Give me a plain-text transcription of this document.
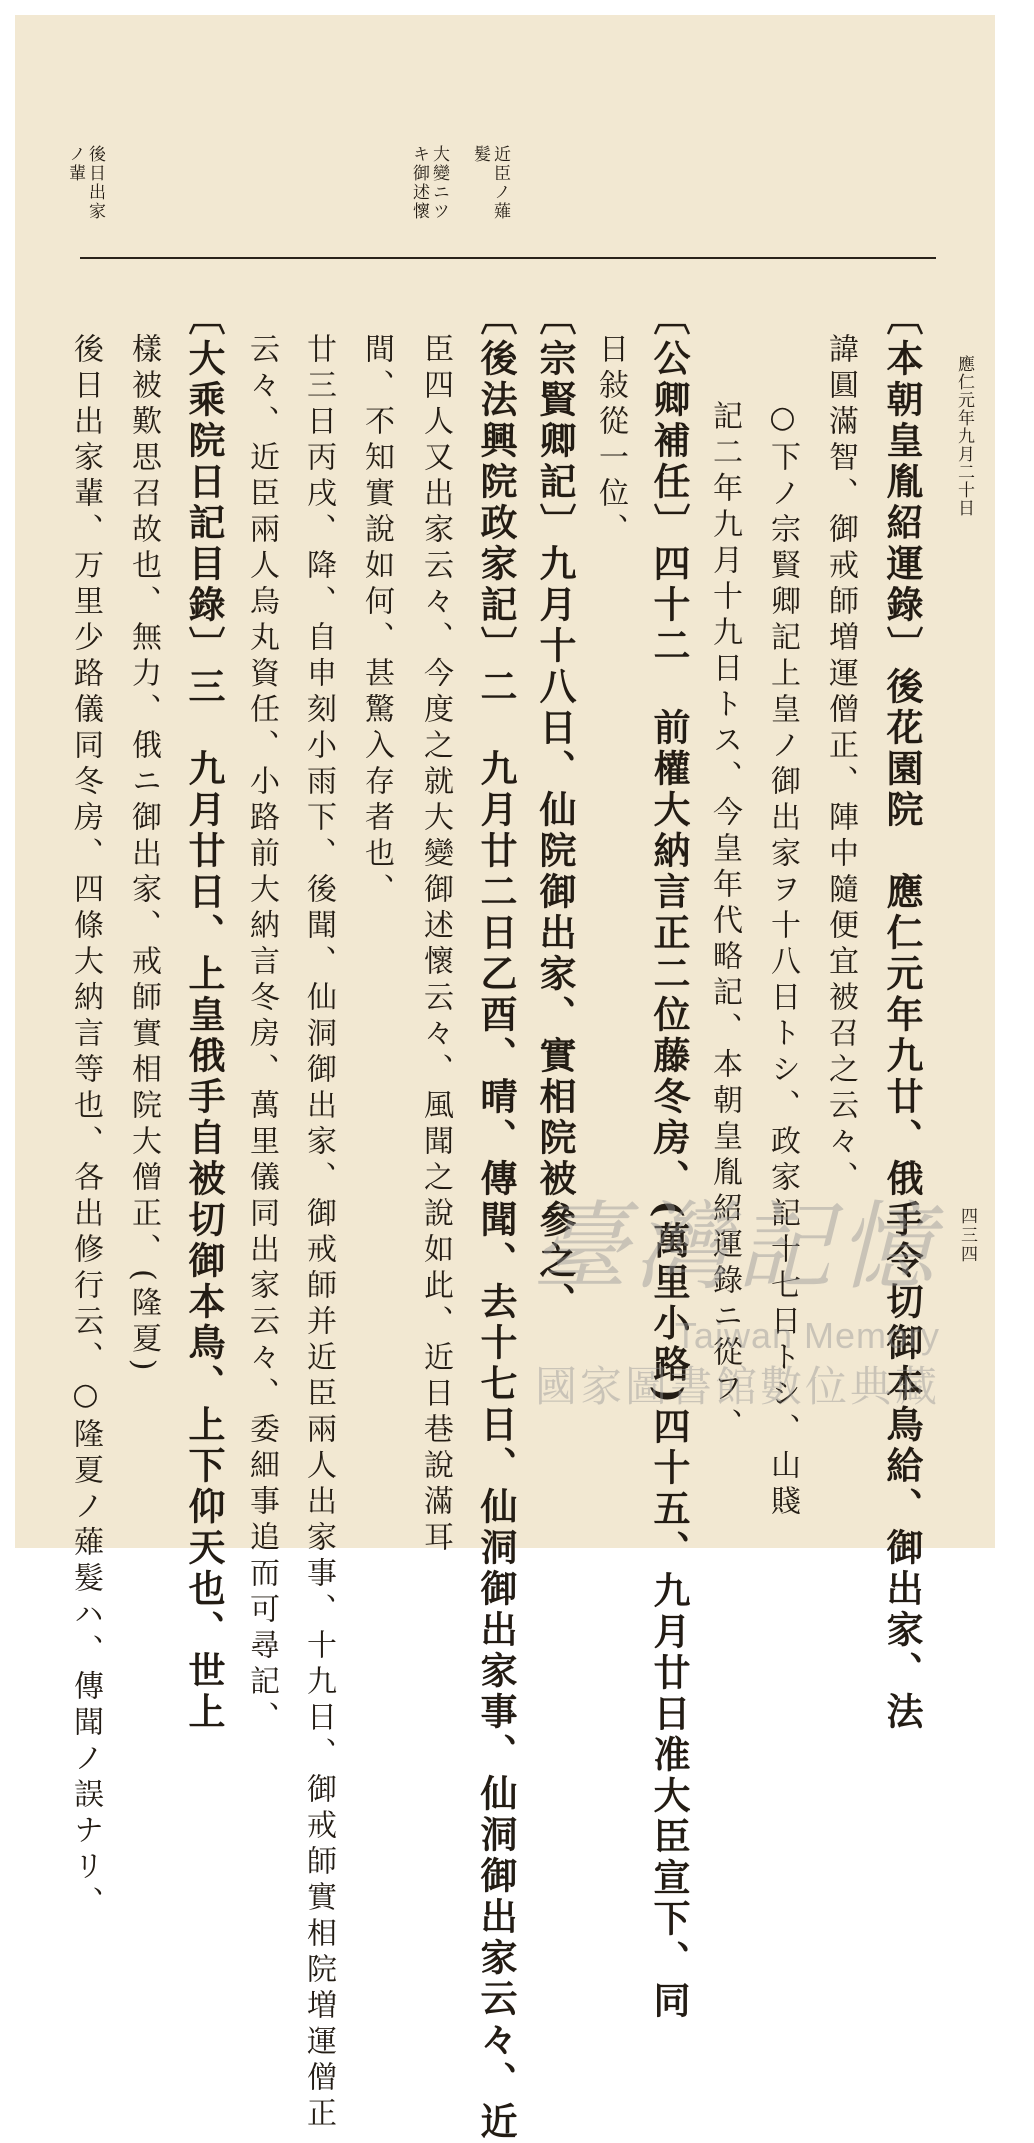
應仁元年九月二十日
四三四
近臣ノ薙
髮
大變ニツ
キ御述懷
後日出家
ノ輩
〔本朝皇胤紹運錄〕後花園院　應仁元年九廿、俄手令切御本鳥給、御出家、法
諱圓滿智、御戒師増運僧正、陣中隨便宜被召之云々、
○下ノ宗賢卿記上皇ノ御出家ヲ十八日トシ、政家記十七日トシ、山賤
記二年九月十九日トス、今皇年代略記、本朝皇胤紹運錄ニ從フ、
〔公卿補任〕四十二　前權大納言正二位藤冬房、(萬里小路)四十五、九月廿日准大臣宣下、同
日敍從一位、
〔宗賢卿記〕九月十八日、仙院御出家、實相院被參之、
〔後法興院政家記〕二　九月廿二日乙酉、晴、傳聞、去十七日、仙洞御出家事、仙洞御出家云々、近
臣四人又出家云々、今度之就大變御述懷云々、風聞之說如此、近日巷說滿耳
間、不知實說如何、甚驚入存者也、
廿三日丙戌、降、自申刻小雨下、後聞、仙洞御出家、御戒師并近臣兩人出家事、十九日、御戒師實相院増運僧正
云々、近臣兩人烏丸資任、小路前大納言冬房、萬里儀同出家云々、委細事追而可尋記、
〔大乘院日記目錄〕三　九月廿日、上皇俄手自被切御本鳥、上下仰天也、世上
樣被歎思召故也、無力、俄ニ御出家、戒師實相院大僧正、(隆夏)
後日出家輩、万里少路儀同冬房、四條大納言等也、各出修行云、○隆夏ノ薙髮ハ、傳聞ノ誤ナリ、	臺灣記憶
Taiwan Memory
國家圖書館數位典藏
